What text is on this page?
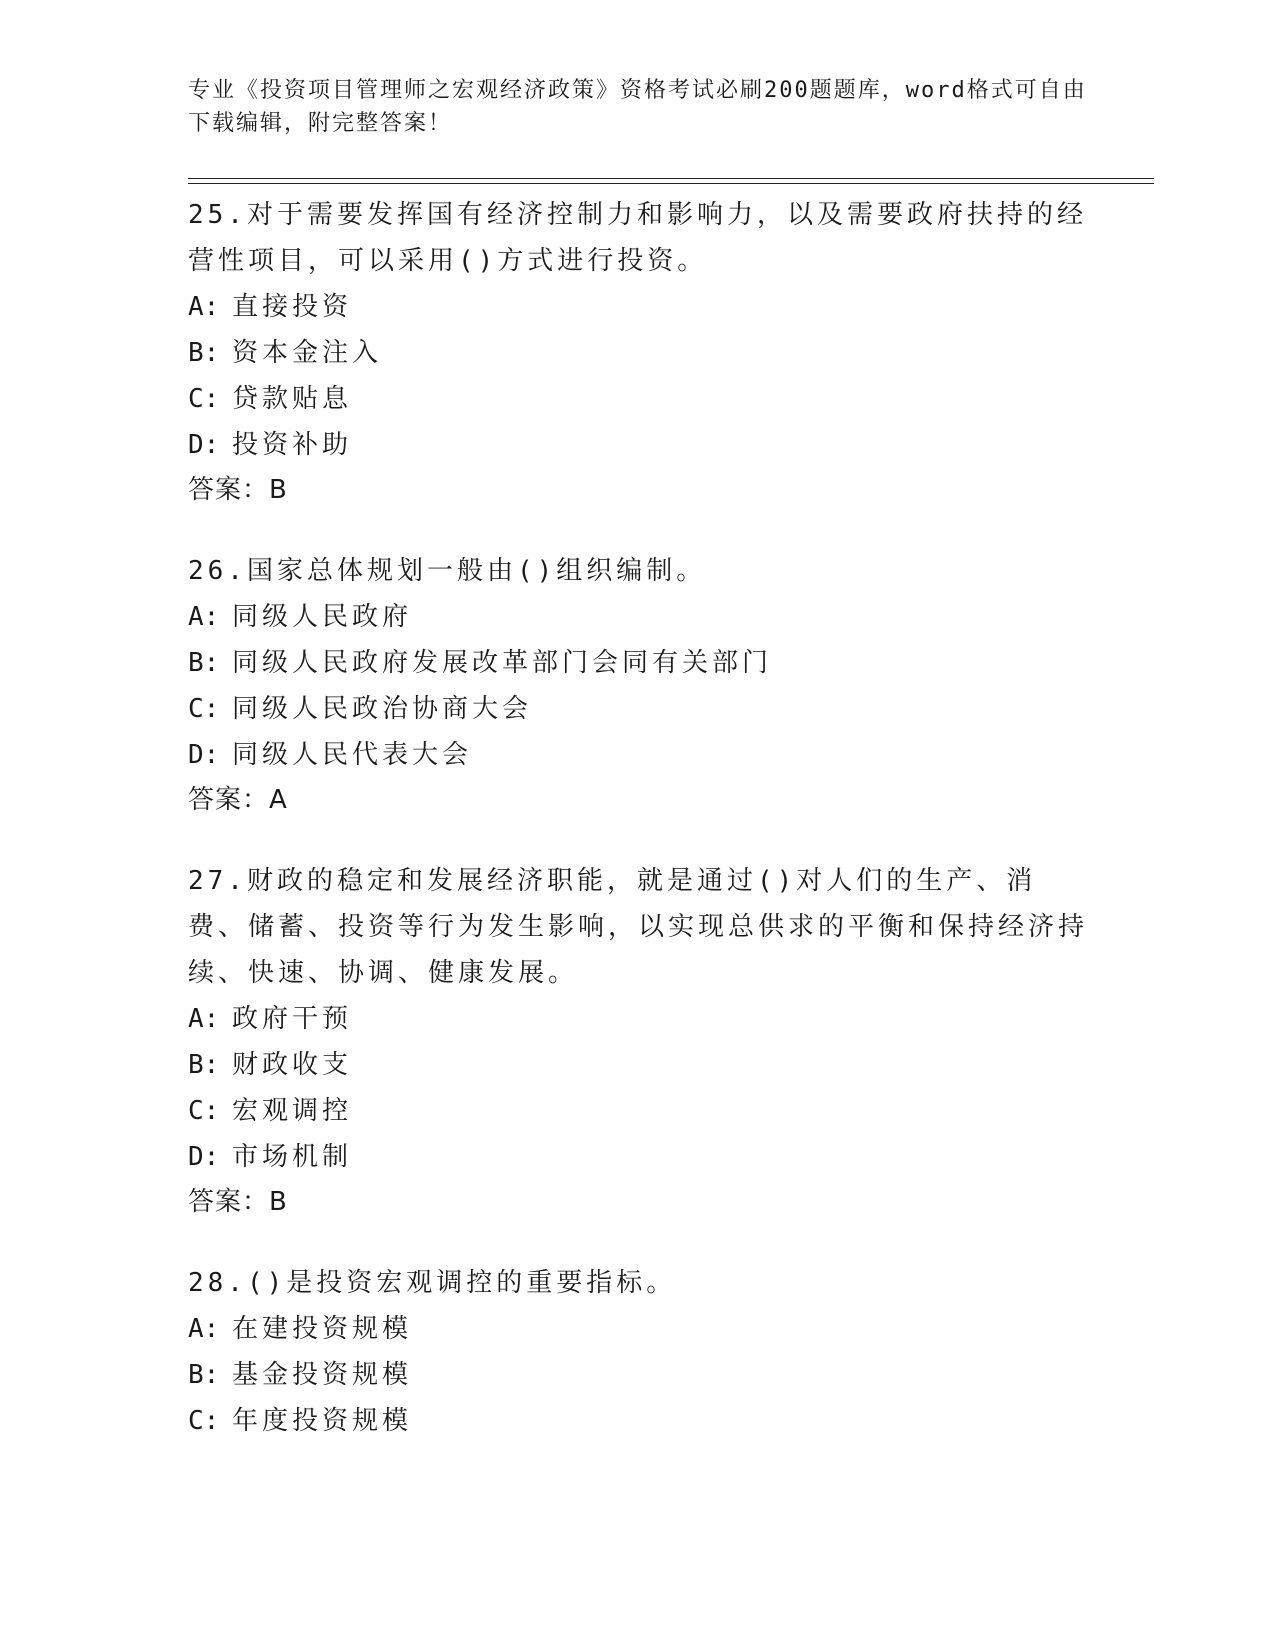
专业《投资项目管理师之宏观经济政策》资格考试必刷200题题库，word格式可自由下载编辑，附完整答案！
25.对于需要发挥国有经济控制力和影响力，以及需要政府扶持的经营性项目，可以采用()方式进行投资。
A: 直接投资
B: 资本金注入
C: 贷款贴息
D: 投资补助
答案：B
26.国家总体规划一般由()组织编制。
A: 同级人民政府
B: 同级人民政府发展改革部门会同有关部门
C: 同级人民政治协商大会
D: 同级人民代表大会
答案：A
27.财政的稳定和发展经济职能，就是通过()对人们的生产、消费、储蓄、投资等行为发生影响，以实现总供求的平衡和保持经济持续、快速、协调、健康发展。
A: 政府干预
B: 财政收支
C: 宏观调控
D: 市场机制
答案：B
28.()是投资宏观调控的重要指标。
A: 在建投资规模
B: 基金投资规模
C: 年度投资规模
